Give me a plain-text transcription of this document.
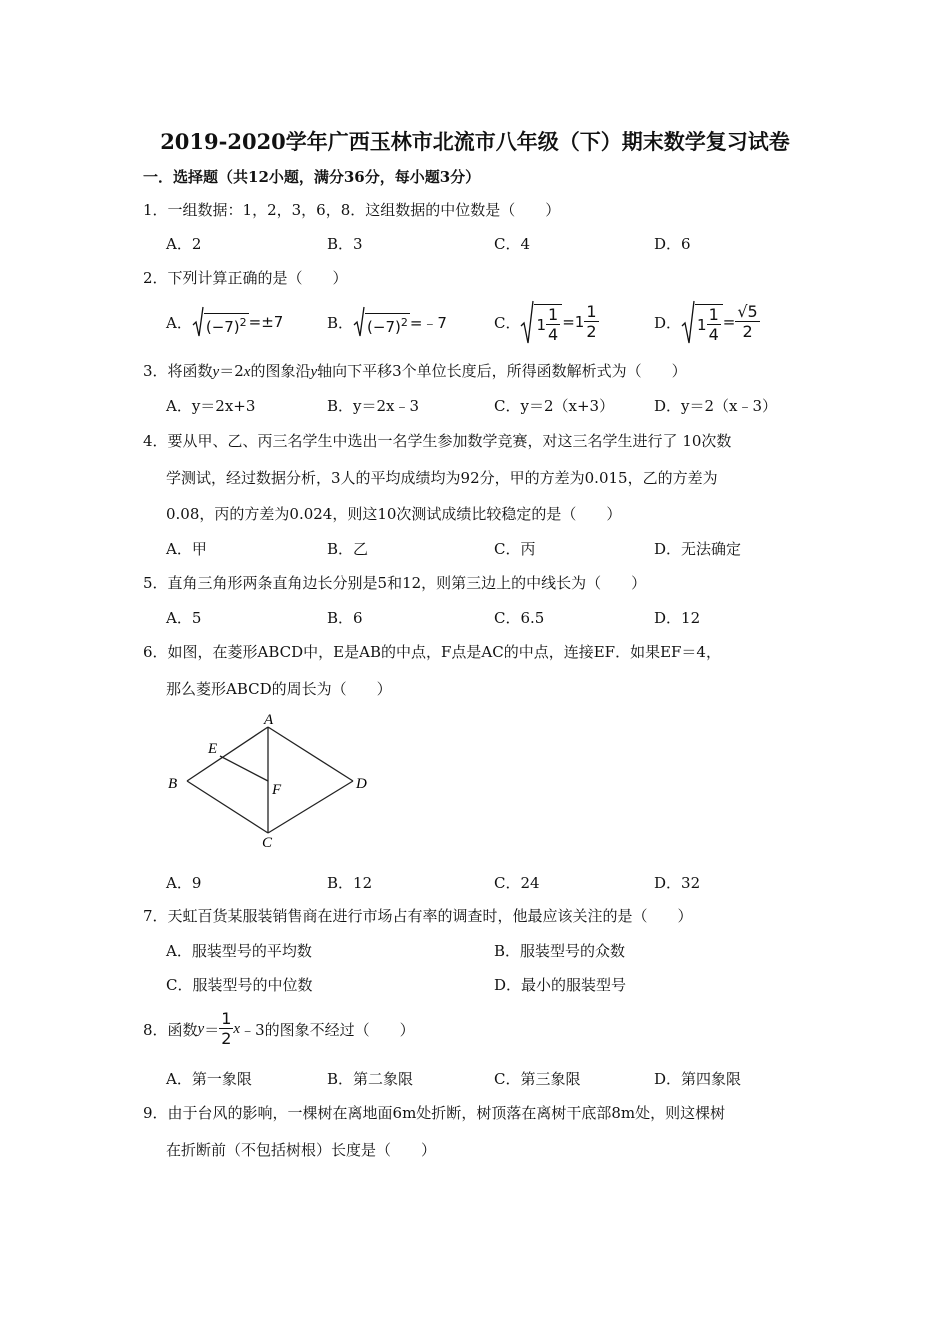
2019-2020学年广西玉林市北流市八年级（下）期末数学复习试卷
一．选择题（共12小题，满分36分，每小题3分）
1．一组数据：1，2，3，6，8．这组数据的中位数是（　　）
A．2	B．3	C．4	D．6
2．下列计算正确的是（　　）
A． $(-7)^2 =\pm 7$	B． $(-7)^2$ =﹣7	C． $1 \frac{1}{4} =1 \frac{1}{2}$	D． $1 \frac{1}{4} = \frac{√5}{2}$
3．将函数y＝2x的图象沿y轴向下平移3个单位长度后，所得函数解析式为（　　）
A．y＝2x+3	B．y＝2x﹣3	C．y＝2（x+3）	D．y＝2（x﹣3）
4．要从甲、乙、丙三名学生中选出一名学生参加数学竞赛，对这三名学生进行了 10次数
学测试，经过数据分析，3人的平均成绩均为92分，甲的方差为0.015，乙的方差为
0.08，丙的方差为0.024，则这10次测试成绩比较稳定的是（　　）
A．甲	B．乙	C．丙	D．无法确定
5．直角三角形两条直角边长分别是5和12，则第三边上的中线长为（　　）
A．5	B．6	C．6.5	D．12
6．如图，在菱形ABCD中，E是AB的中点，F点是AC的中点，连接EF．如果EF＝4，
那么菱形ABCD的周长为（　　）
A
B
C
D
E
F
A．9	B．12	C．24	D．32
7．天虹百货某服装销售商在进行市场占有率的调查时，他最应该关注的是（　　）
A．服装型号的平均数	B．服装型号的众数
C．服装型号的中位数	D．最小的服装型号
8．函数 $y = \frac{1}{2}$ x ﹣3的图象不经过（　　）
A．第一象限	B．第二象限	C．第三象限	D．第四象限
9．由于台风的影响，一棵树在离地面6m处折断，树顶落在离树干底部8m处，则这棵树
在折断前（不包括树根）长度是（　　）
